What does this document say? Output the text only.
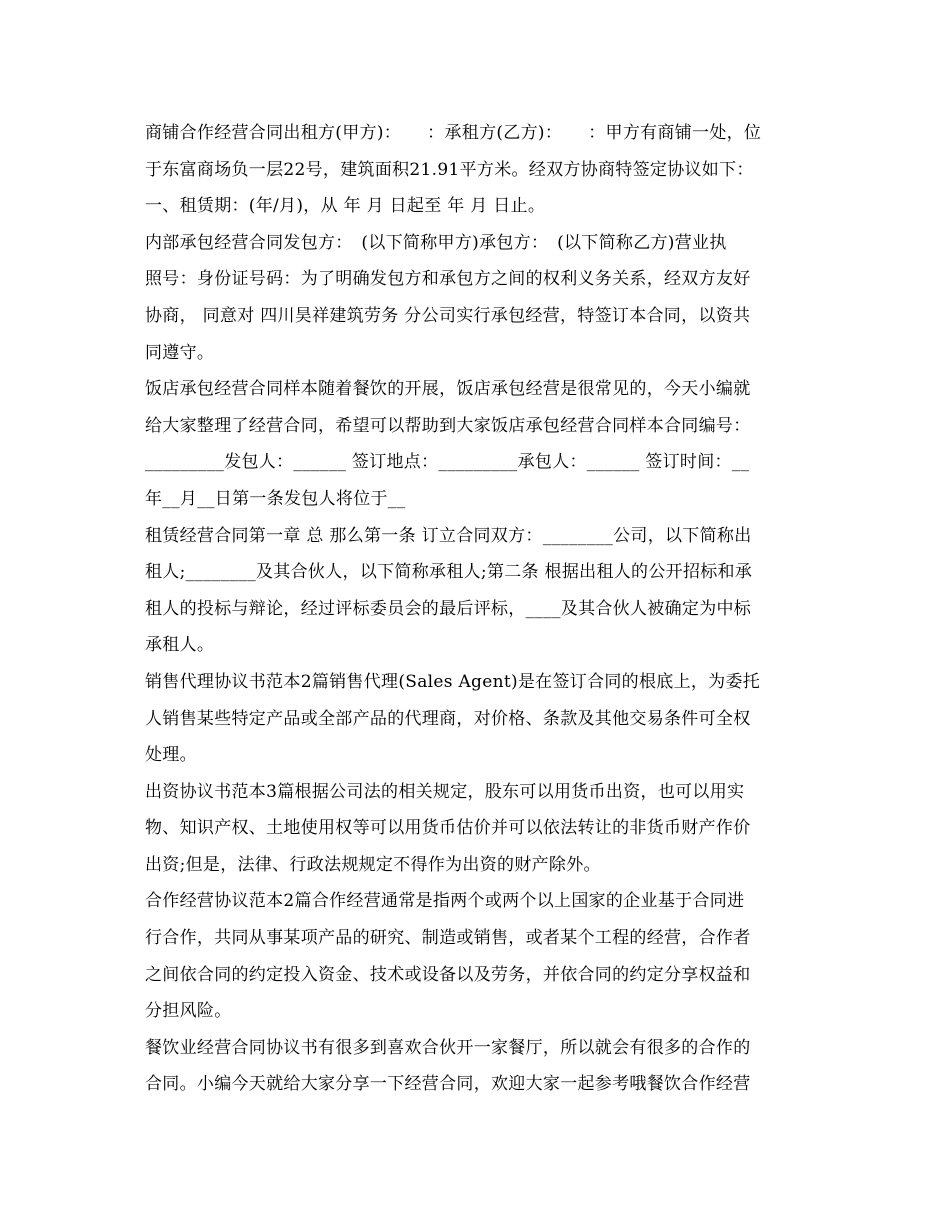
商铺合作经营合同出租方(甲方)：　　：承租方(乙方)：　　：甲方有商铺一处，位
于东富商场负一层22号，建筑面积21.91平方米。经双方协商特签定协议如下：
一、租赁期：(年/月)，从 年 月 日起至 年 月 日止。
内部承包经营合同发包方：　(以下简称甲方)承包方：　(以下简称乙方)营业执
照号：身份证号码：为了明确发包方和承包方之间的权利义务关系，经双方友好
协商， 同意对 四川昊祥建筑劳务 分公司实行承包经营，特签订本合同，以资共
同遵守。
饭店承包经营合同样本随着餐饮的开展，饭店承包经营是很常见的，今天小编就
给大家整理了经营合同，希望可以帮助到大家饭店承包经营合同样本合同编号：
_________发包人：______ 签订地点：_________承包人：______ 签订时间：__
年__月__日第一条发包人将位于__
租赁经营合同第一章 总 那么第一条 订立合同双方：________公司，以下简称出
租人;________及其合伙人，以下简称承租人;第二条 根据出租人的公开招标和承
租人的投标与辩论，经过评标委员会的最后评标，____及其合伙人被确定为中标
承租人。
销售代理协议书范本2篇销售代理(Sales Agent)是在签订合同的根底上，为委托
人销售某些特定产品或全部产品的代理商，对价格、条款及其他交易条件可全权
处理。
出资协议书范本3篇根据公司法的相关规定，股东可以用货币出资，也可以用实
物、知识产权、土地使用权等可以用货币估价并可以依法转让的非货币财产作价
出资;但是，法律、行政法规规定不得作为出资的财产除外。
合作经营协议范本2篇合作经营通常是指两个或两个以上国家的企业基于合同进
行合作，共同从事某项产品的研究、制造或销售，或者某个工程的经营，合作者
之间依合同的约定投入资金、技术或设备以及劳务，并依合同的约定分享权益和
分担风险。
餐饮业经营合同协议书有很多到喜欢合伙开一家餐厅，所以就会有很多的合作的
合同。小编今天就给大家分享一下经营合同，欢迎大家一起参考哦餐饮合作经营
